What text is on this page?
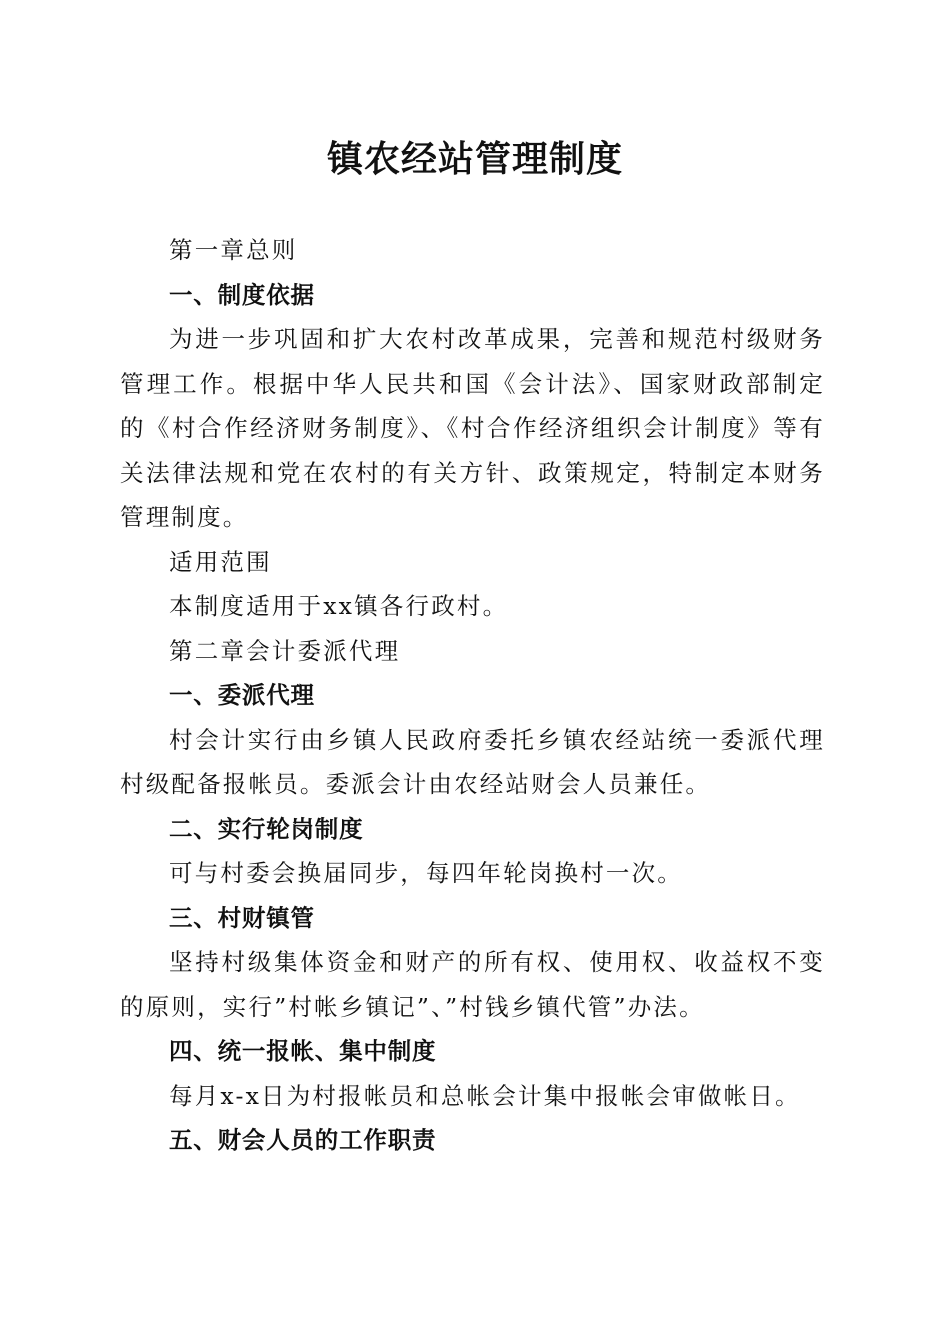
镇农经站管理制度

第一章总则

一、制度依据

为进一步巩固和扩大农村改革成果，完善和规范村级财务管理工作。根据中华人民共和国《会计法》、国家财政部制定的《村合作经济财务制度》、《村合作经济组织会计制度》等有关法律法规和党在农村的有关方针、政策规定，特制定本财务管理制度。

适用范围

本制度适用于xx镇各行政村。

第二章会计委派代理

一、委派代理

村会计实行由乡镇人民政府委托乡镇农经站统一委派代理村级配备报帐员。委派会计由农经站财会人员兼任。

二、实行轮岗制度

可与村委会换届同步，每四年轮岗换村一次。

三、村财镇管

坚持村级集体资金和财产的所有权、使用权、收益权不变的原则，实行”村帐乡镇记”、”村钱乡镇代管”办法。

四、统一报帐、集中制度

每月x-x日为村报帐员和总帐会计集中报帐会审做帐日。

五、财会人员的工作职责
